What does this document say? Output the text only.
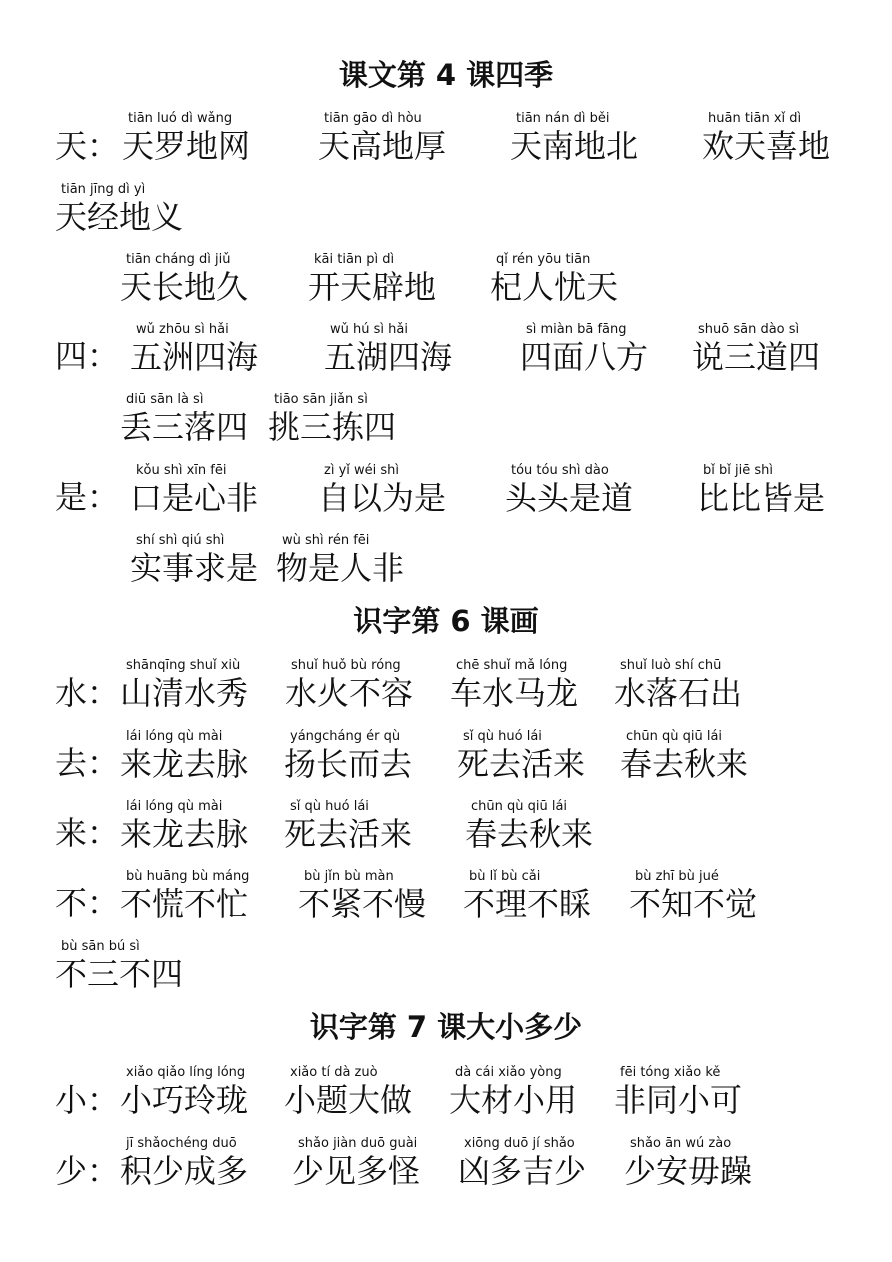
课文第 4 课四季
天：
tiān luó dì wǎng
天罗地网
tiān gāo dì hòu
天高地厚
tiān nán dì běi
天南地北
huān tiān xǐ dì
欢天喜地
tiān jīng dì yì
天经地义
tiān cháng dì jiǔ
天长地久
kāi tiān pì dì
开天辟地
qǐ rén yōu tiān
杞人忧天
四：
wǔ zhōu sì hǎi
五洲四海
wǔ hú sì hǎi
五湖四海
sì miàn bā fāng
四面八方
shuō sān dào sì
说三道四
diū sān là sì
丢三落四
tiāo sān jiǎn sì
挑三拣四
是：
kǒu shì xīn fēi
口是心非
zì yǐ wéi shì
自以为是
tóu tóu shì dào
头头是道
bǐ bǐ jiē shì
比比皆是
shí shì qiú shì
实事求是
wù shì rén fēi
物是人非
识字第 6 课画
水：
shānqīng shuǐ xiù
山清水秀
shuǐ huǒ bù róng
水火不容
chē shuǐ mǎ lóng
车水马龙
shuǐ luò shí chū
水落石出
去：
lái lóng qù mài
来龙去脉
yángcháng ér qù
扬长而去
sǐ qù huó lái
死去活来
chūn qù qiū lái
春去秋来
来：
lái lóng qù mài
来龙去脉
sǐ qù huó lái
死去活来
chūn qù qiū lái
春去秋来
不：
bù huāng bù máng
不慌不忙
bù jǐn bù màn
不紧不慢
bù lǐ bù cǎi
不理不睬
bù zhī bù jué
不知不觉
bù sān bú sì
不三不四
识字第 7 课大小多少
小：
xiǎo qiǎo líng lóng
小巧玲珑
xiǎo tí dà zuò
小题大做
dà cái xiǎo yòng
大材小用
fēi tóng xiǎo kě
非同小可
少：
jī shǎochéng duō
积少成多
shǎo jiàn duō guài
少见多怪
xiōng duō jí shǎo
凶多吉少
shǎo ān wú zào
少安毋躁
